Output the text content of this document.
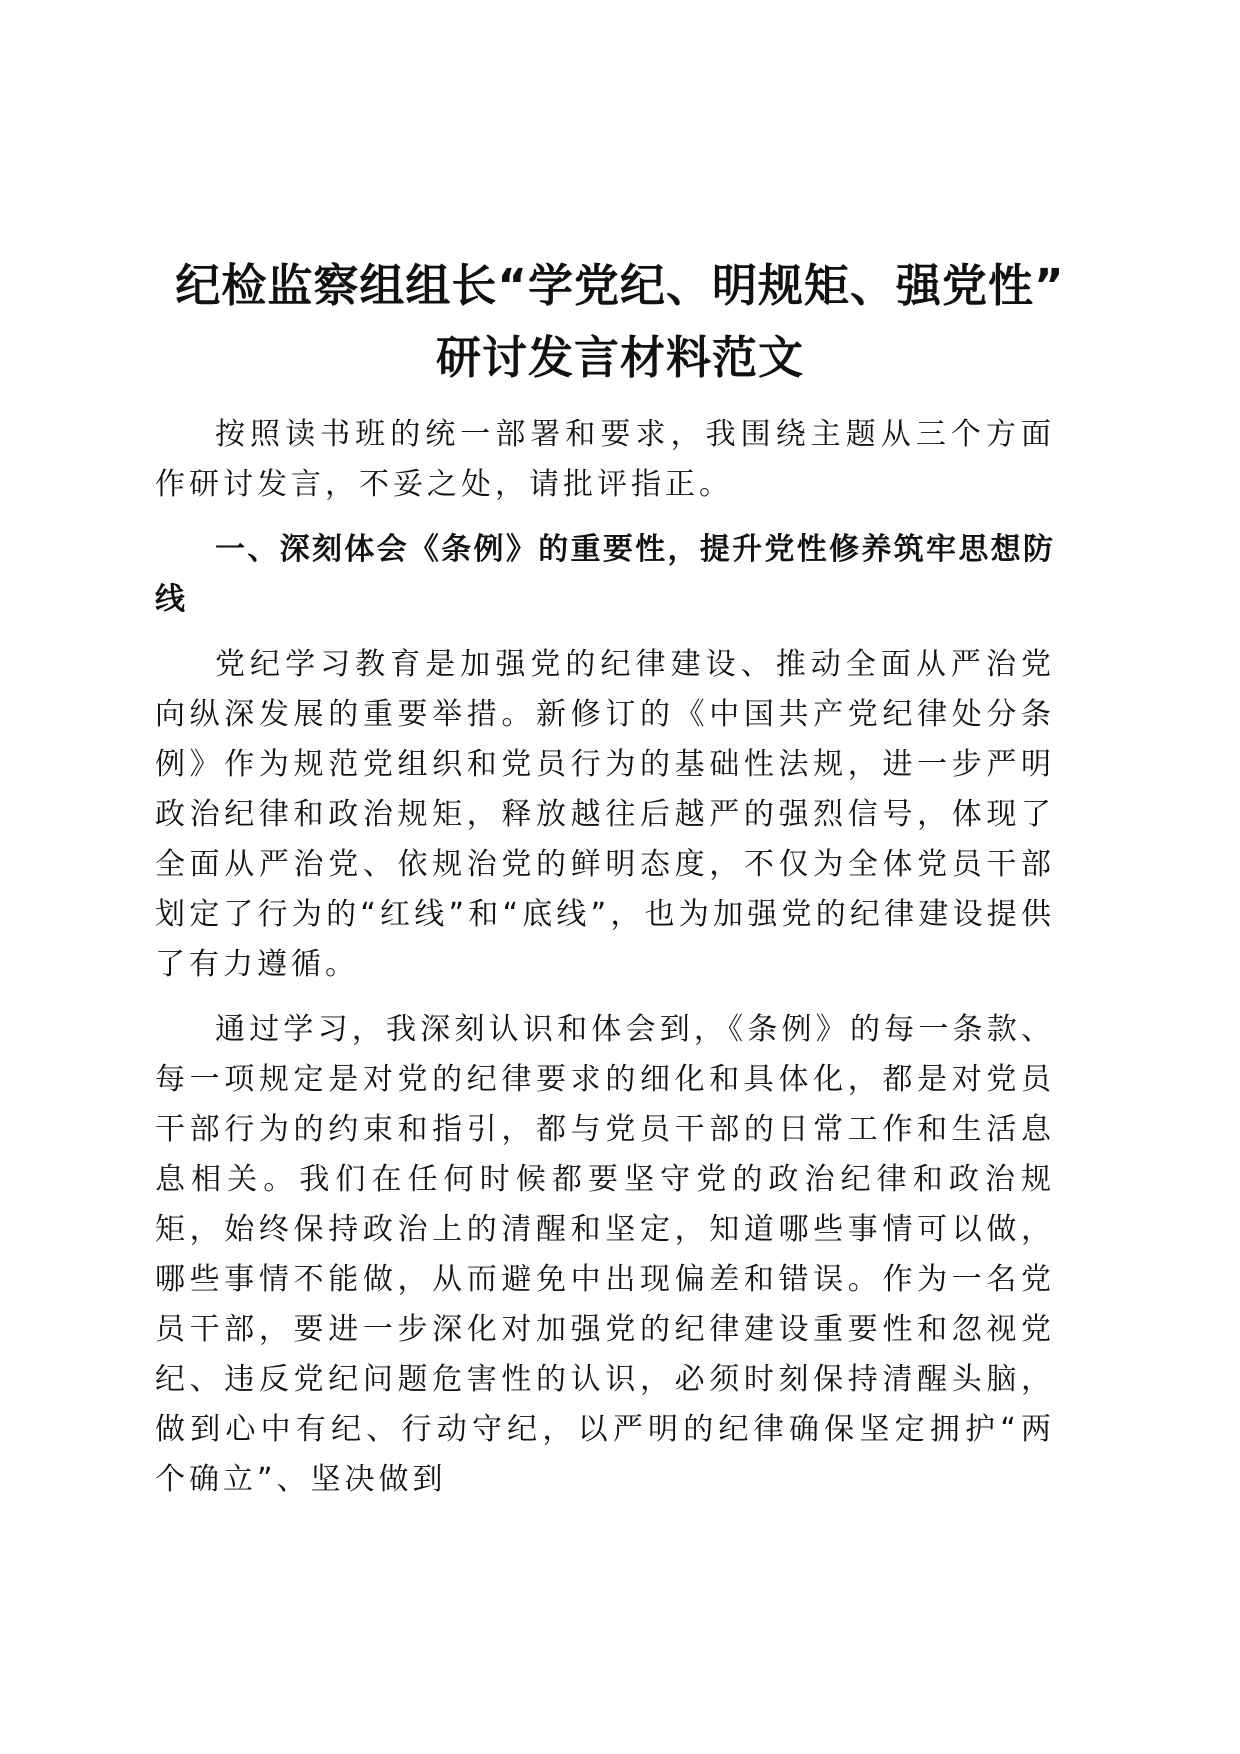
纪检监察组组长“学党纪、明规矩、强党性”
研讨发言材料范文

按照读书班的统一部署和要求，我围绕主题从三个方面作研讨发言，不妥之处，请批评指正。

一、深刻体会《条例》的重要性，提升党性修养筑牢思想防线

党纪学习教育是加强党的纪律建设、推动全面从严治党向纵深发展的重要举措。新修订的《中国共产党纪律处分条例》作为规范党组织和党员行为的基础性法规，进一步严明政治纪律和政治规矩，释放越往后越严的强烈信号，体现了全面从严治党、依规治党的鲜明态度，不仅为全体党员干部划定了行为的“红线”和“底线”，也为加强党的纪律建设提供了有力遵循。

通过学习，我深刻认识和体会到，《条例》的每一条款、每一项规定是对党的纪律要求的细化和具体化，都是对党员干部行为的约束和指引，都与党员干部的日常工作和生活息息相关。我们在任何时候都要坚守党的政治纪律和政治规矩，始终保持政治上的清醒和坚定，知道哪些事情可以做，哪些事情不能做，从而避免中出现偏差和错误。作为一名党员干部，要进一步深化对加强党的纪律建设重要性和忽视党纪、违反党纪问题危害性的认识，必须时刻保持清醒头脑，做到心中有纪、行动守纪，以严明的纪律确保坚定拥护“两个确立”、坚决做到
